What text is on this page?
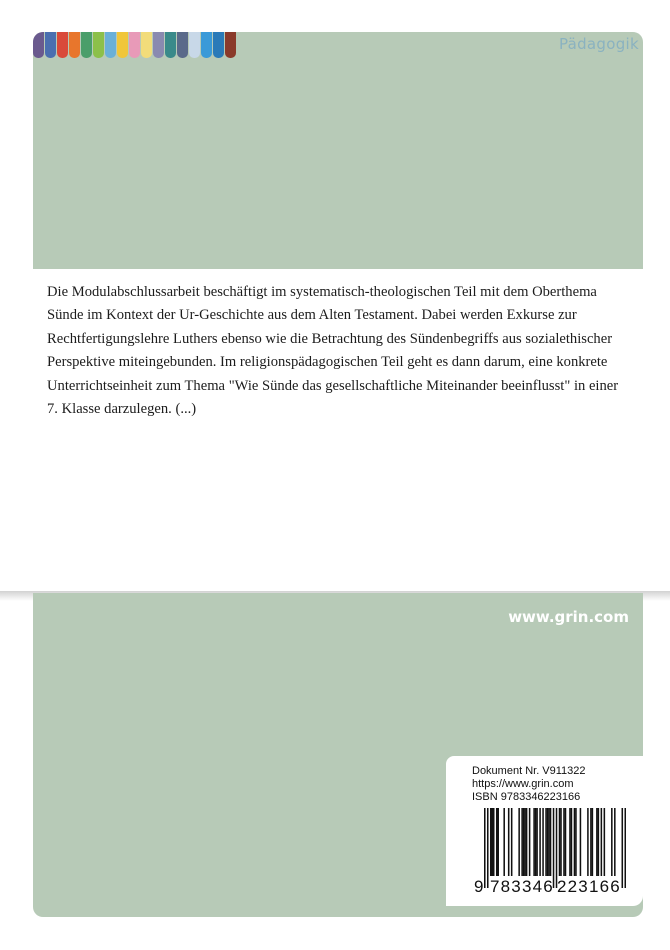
Pädagogik

Die Modulabschlussarbeit beschäftigt im systematisch-theologischen Teil mit dem Oberthema Sünde im Kontext der Ur-Geschichte aus dem Alten Testament. Dabei werden Exkurse zur Rechtfertigungslehre Luthers ebenso wie die Betrachtung des Sündenbegriffs aus sozialethischer Perspektive miteingebunden. Im religionspädagogischen Teil geht es dann darum, eine konkrete Unterrichtseinheit zum Thema "Wie Sünde das gesellschaftliche Miteinander beeinflusst" in einer 7. Klasse darzulegen. (...)

www.grin.com
Dokument Nr. V911322
https://www.grin.com
ISBN 9783346223166
9 783346 223166
